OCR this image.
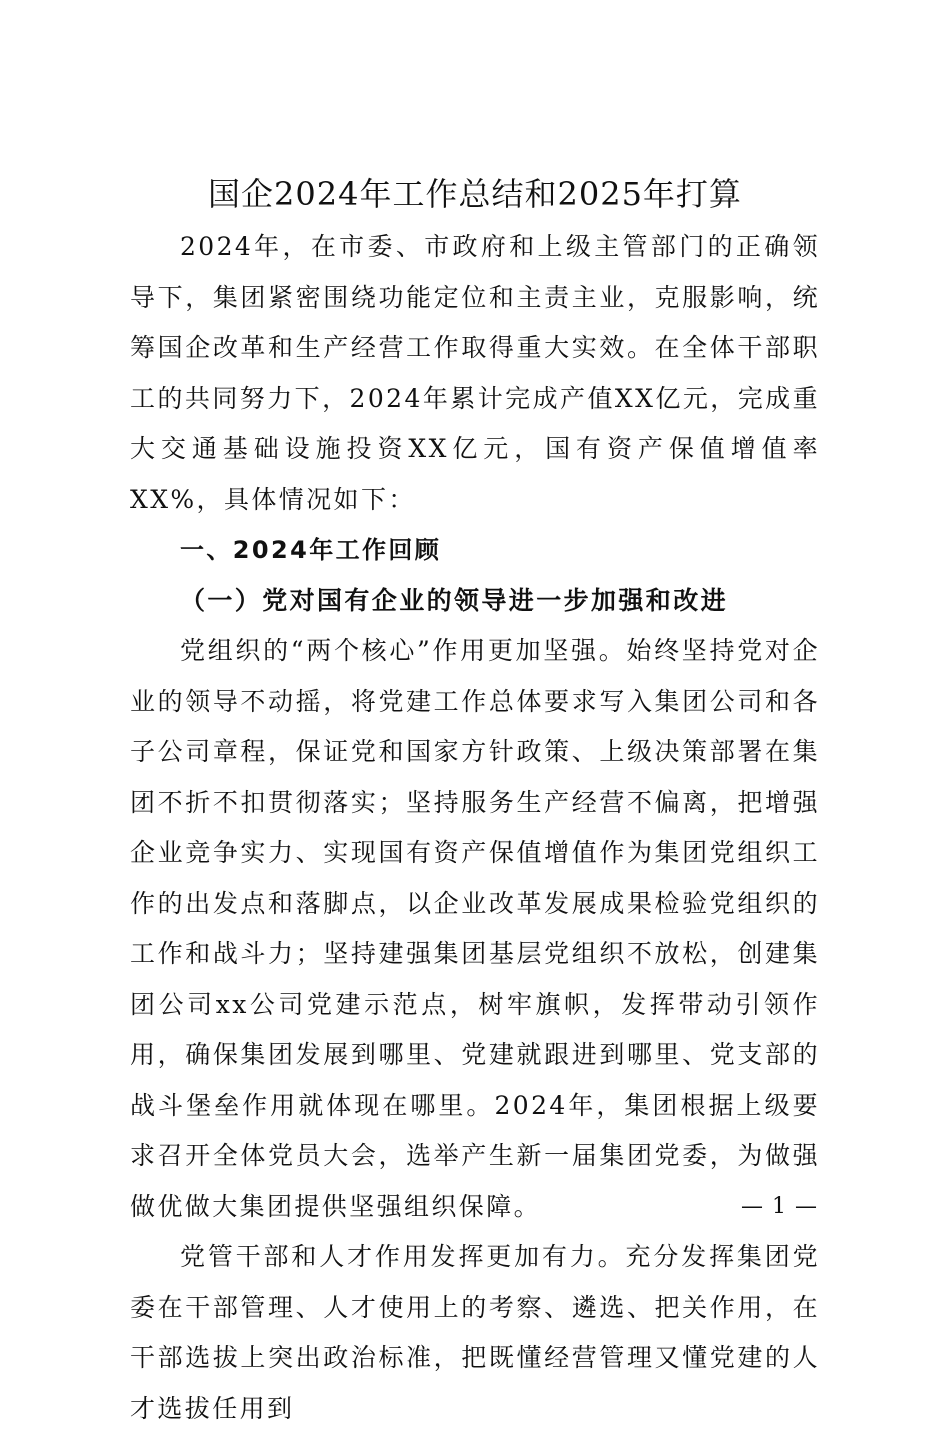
国企2024年工作总结和2025年打算

2024年，在市委、市政府和上级主管部门的正确领导下，集团紧密围绕功能定位和主责主业，克服影响，统筹国企改革和生产经营工作取得重大实效。在全体干部职工的共同努力下，2024年累计完成产值XX亿元，完成重大交通基础设施投资XX亿元，国有资产保值增值率XX%，具体情况如下：

一、2024年工作回顾

（一）党对国有企业的领导进一步加强和改进

党组织的“两个核心”作用更加坚强。始终坚持党对企业的领导不动摇，将党建工作总体要求写入集团公司和各子公司章程，保证党和国家方针政策、上级决策部署在集团不折不扣贯彻落实；坚持服务生产经营不偏离，把增强企业竞争实力、实现国有资产保值增值作为集团党组织工作的出发点和落脚点，以企业改革发展成果检验党组织的工作和战斗力；坚持建强集团基层党组织不放松，创建集团公司xx公司党建示范点，树牢旗帜，发挥带动引领作用，确保集团发展到哪里、党建就跟进到哪里、党支部的战斗堡垒作用就体现在哪里。2024年，集团根据上级要求召开全体党员大会，选举产生新一届集团党委，为做强做优做大集团提供坚强组织保障。

党管干部和人才作用发挥更加有力。充分发挥集团党委在干部管理、人才使用上的考察、遴选、把关作用，在干部选拔上突出政治标准，把既懂经营管理又懂党建的人才选拔任用到

— 1 —
